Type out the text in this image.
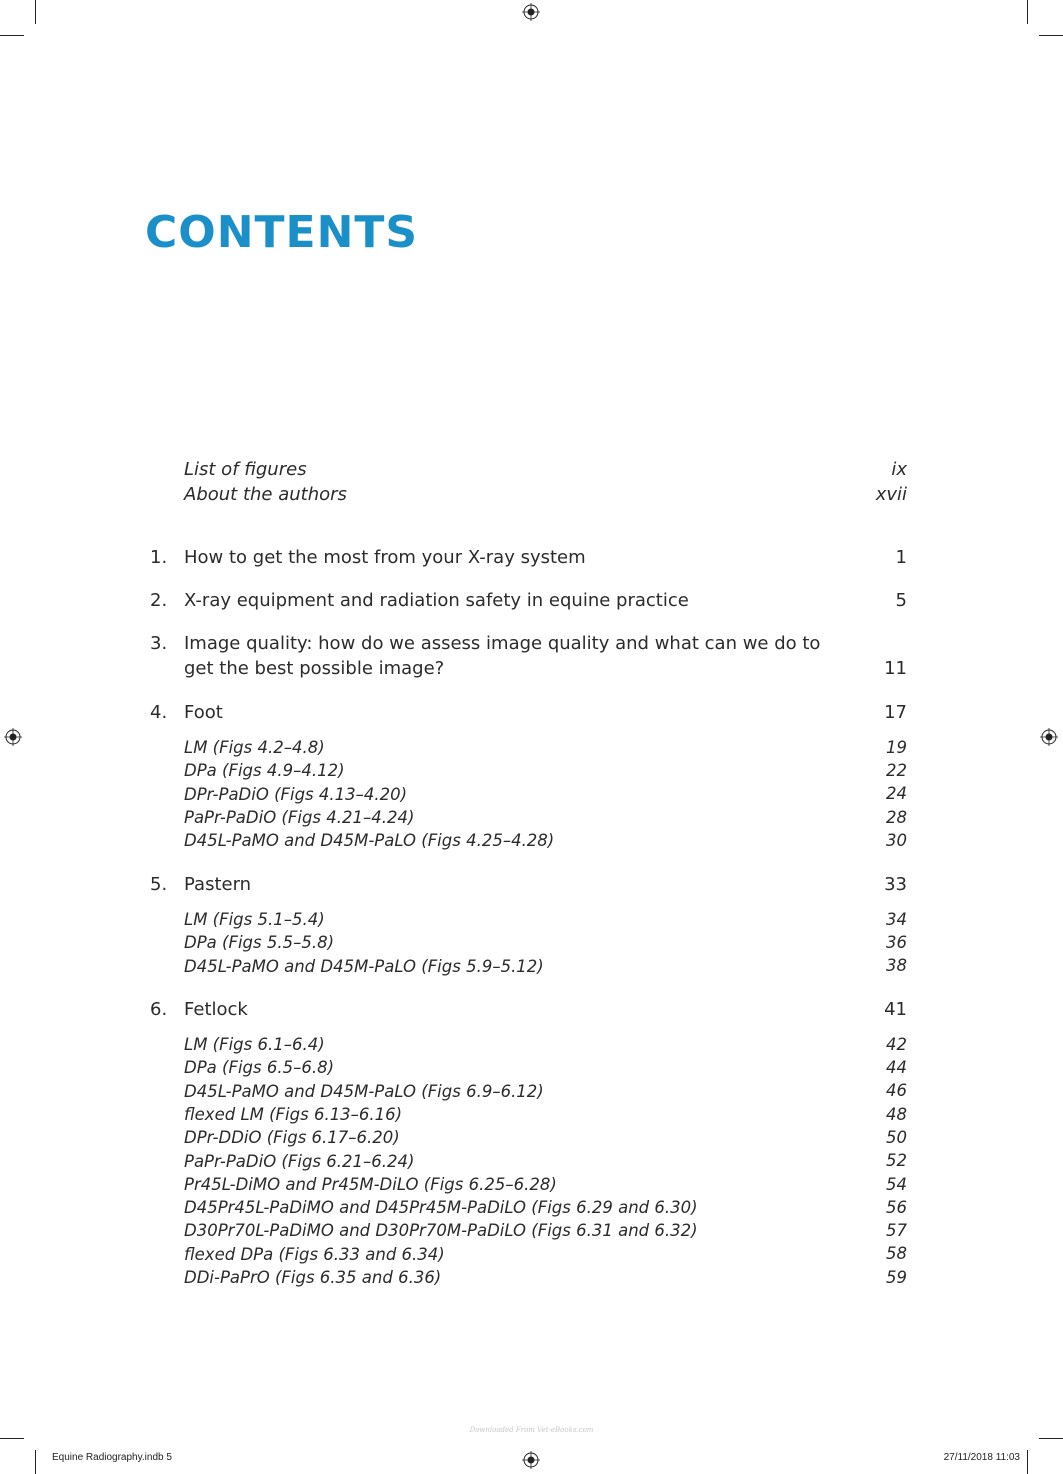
CONTENTS
List of figures	ix
About the authors	xvii
1. How to get the most from your X-ray system	1
2. X-ray equipment and radiation safety in equine practice	5
3. Image quality: how do we assess image quality and what can we do to get the best possible image?	11
4. Foot	17
LM (Figs 4.2–4.8)	19
DPa (Figs 4.9–4.12)	22
DPr-PaDiO (Figs 4.13–4.20)	24
PaPr-PaDiO (Figs 4.21–4.24)	28
D45L-PaMO and D45M-PaLO (Figs 4.25–4.28)	30
5. Pastern	33
LM (Figs 5.1–5.4)	34
DPa (Figs 5.5–5.8)	36
D45L-PaMO and D45M-PaLO (Figs 5.9–5.12)	38
6. Fetlock	41
LM (Figs 6.1–6.4)	42
DPa (Figs 6.5–6.8)	44
D45L-PaMO and D45M-PaLO (Figs 6.9–6.12)	46
flexed LM (Figs 6.13–6.16)	48
DPr-DDiO (Figs 6.17–6.20)	50
PaPr-PaDiO (Figs 6.21–6.24)	52
Pr45L-DiMO and Pr45M-DiLO (Figs 6.25–6.28)	54
D45Pr45L-PaDiMO and D45Pr45M-PaDiLO (Figs 6.29 and 6.30)	56
D30Pr70L-PaDiMO and D30Pr70M-PaDiLO (Figs 6.31 and 6.32)	57
flexed DPa (Figs 6.33 and 6.34)	58
DDi-PaPrO (Figs 6.35 and 6.36)	59
Downloaded From Vet-eBooks.com
Equine Radiography.indb 5	27/11/2018 11:03
